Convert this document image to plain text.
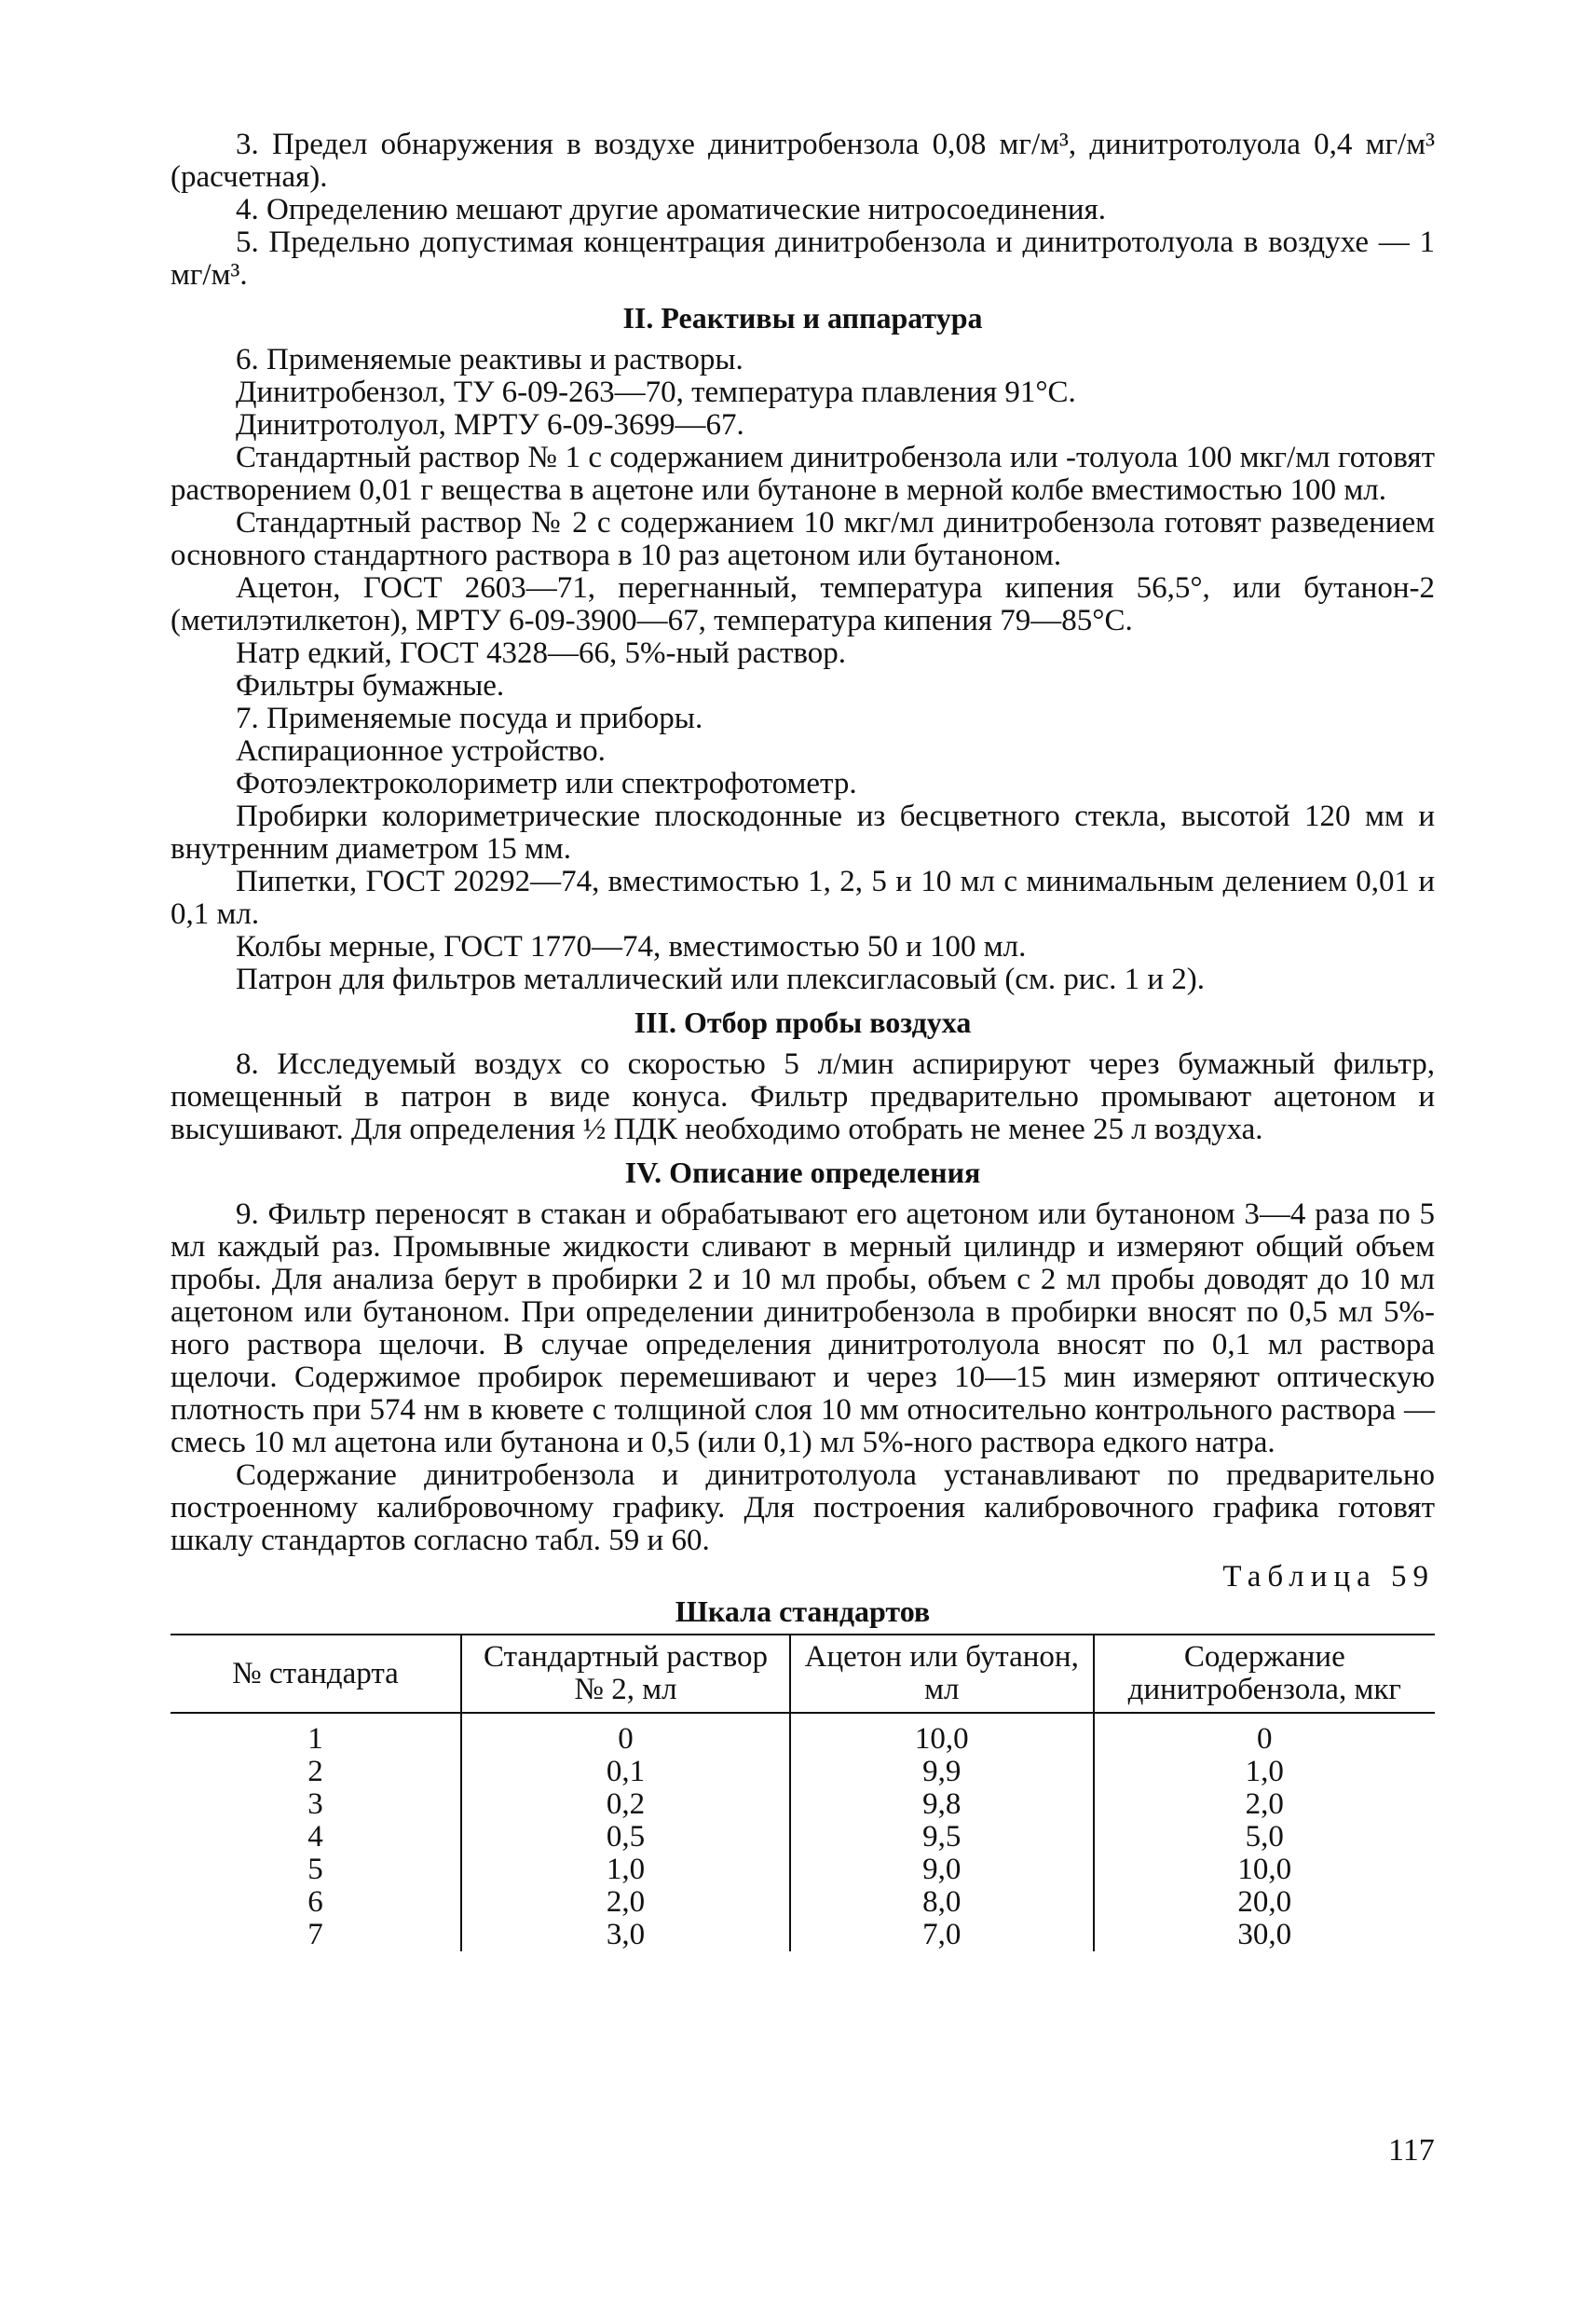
3. Предел обнаружения в воздухе динитробензола 0,08 мг/м³, динитротолуола 0,4 мг/м³ (расчетная).

4. Определению мешают другие ароматические нитросоединения.

5. Предельно допустимая концентрация динитробензола и динитротолуола в воздухе — 1 мг/м³.

II. Реактивы и аппаратура

6. Применяемые реактивы и растворы.

Динитробензол, ТУ 6-09-263—70, температура плавления 91°С.

Динитротолуол, МРТУ 6-09-3699—67.

Стандартный раствор № 1 с содержанием динитробензола или -толуола 100 мкг/мл готовят растворением 0,01 г вещества в ацетоне или бутаноне в мерной колбе вместимостью 100 мл.

Стандартный раствор № 2 с содержанием 10 мкг/мл динитробензола готовят разведением основного стандартного раствора в 10 раз ацетоном или бутаноном.

Ацетон, ГОСТ 2603—71, перегнанный, температура кипения 56,5°, или бутанон-2 (метилэтилкетон), МРТУ 6-09-3900—67, температура кипения 79—85°С.

Натр едкий, ГОСТ 4328—66, 5%-ный раствор.

Фильтры бумажные.

7. Применяемые посуда и приборы.

Аспирационное устройство.

Фотоэлектроколориметр или спектрофотометр.

Пробирки колориметрические плоскодонные из бесцветного стекла, высотой 120 мм и внутренним диаметром 15 мм.

Пипетки, ГОСТ 20292—74, вместимостью 1, 2, 5 и 10 мл с минимальным делением 0,01 и 0,1 мл.

Колбы мерные, ГОСТ 1770—74, вместимостью 50 и 100 мл.

Патрон для фильтров металлический или плексигласовый (см. рис. 1 и 2).

III. Отбор пробы воздуха

8. Исследуемый воздух со скоростью 5 л/мин аспирируют через бумажный фильтр, помещенный в патрон в виде конуса. Фильтр предварительно промывают ацетоном и высушивают. Для определения ½ ПДК необходимо отобрать не менее 25 л воздуха.

IV. Описание определения

9. Фильтр переносят в стакан и обрабатывают его ацетоном или бутаноном 3—4 раза по 5 мл каждый раз. Промывные жидкости сливают в мерный цилиндр и измеряют общий объем пробы. Для анализа берут в пробирки 2 и 10 мл пробы, объем с 2 мл пробы доводят до 10 мл ацетоном или бутаноном. При определении динитробензола в пробирки вносят по 0,5 мл 5%-ного раствора щелочи. В случае определения динитротолуола вносят по 0,1 мл раствора щелочи. Содержимое пробирок перемешивают и через 10—15 мин измеряют оптическую плотность при 574 нм в кювете с толщиной слоя 10 мм относительно контрольного раствора — смесь 10 мл ацетона или бутанона и 0,5 (или 0,1) мл 5%-ного раствора едкого натра.

Содержание динитробензола и динитротолуола устанавливают по предварительно построенному калибровочному графику. Для построения калибровочного графика готовят шкалу стандартов согласно табл. 59 и 60.

Таблица 59
Шкала стандартов
№ стандарта	Стандартный раствор № 2, мл	Ацетон или бутанон, мл	Содержание динитробензола, мкг
1	0	10,0	0
2	0,1	9,9	1,0
3	0,2	9,8	2,0
4	0,5	9,5	5,0
5	1,0	9,0	10,0
6	2,0	8,0	20,0
7	3,0	7,0	30,0
117
